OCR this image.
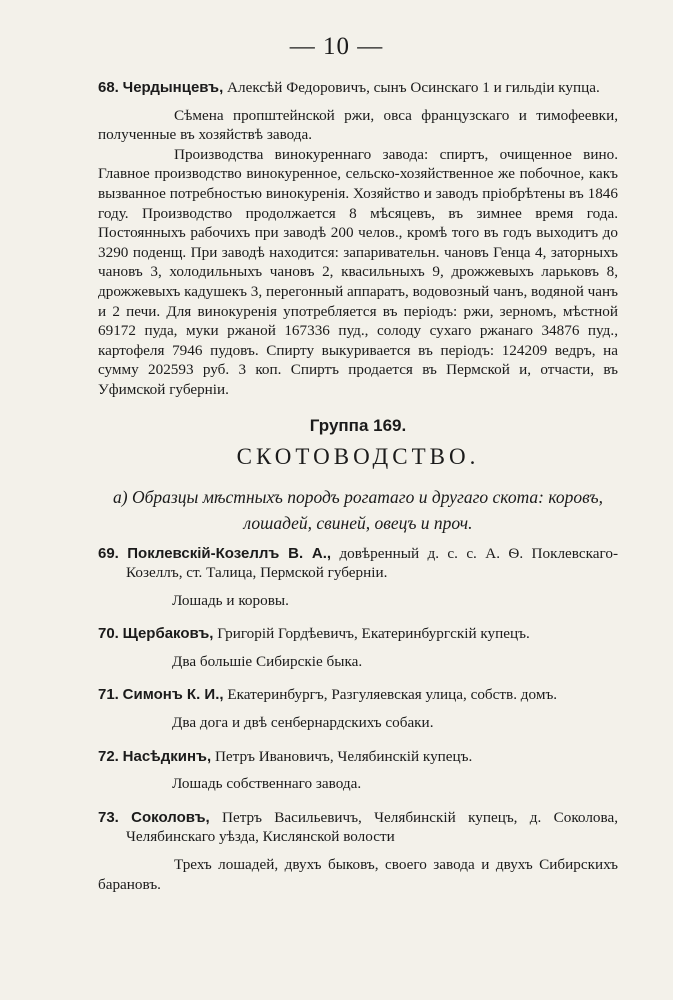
— 10 —
68. Чердынцевъ, Алексѣй Федоровичъ, сынъ Осинскаго 1 и гильдіи купца.

Сѣмена пропштейнской ржи, овса французскаго и тимофеевки, полученные въ хозяйствѣ завода.

Производства винокуреннаго завода: спиртъ, очищенное вино. Главное производство винокуренное, сельско-хозяйственное же побочное, какъ вызванное потребностью винокуренія. Хозяйство и заводъ пріобрѣтены въ 1846 году. Производство продолжается 8 мѣсяцевъ, въ зимнее время года. Постоянныхъ рабочихъ при заводѣ 200 челов., кромѣ того въ годъ выходитъ до 3290 поденщ. При заводѣ находится: запаривательн. чановъ Генца 4, заторныхъ чановъ 3, холодильныхъ чановъ 2, квасильныхъ 9, дрожжевыхъ ларьковъ 8, дрожжевыхъ кадушекъ 3, перегонный аппаратъ, водовозный чанъ, водяной чанъ и 2 печи. Для винокуренія употребляется въ періодъ: ржи, зерномъ, мѣстной 69172 пуда, муки ржаной 167336 пуд., солоду сухаго ржанаго 34876 пуд., картофеля 7946 пудовъ. Спирту выкуривается въ періодъ: 124209 ведръ, на сумму 202593 руб. 3 коп. Спиртъ продается въ Пермской и, отчасти, въ Уфимской губерніи.

Группа 169.
СКОТОВОДСТВО.
а) Образцы мѣстныхъ породъ рогатаго и другаго скота: коровъ, лошадей, свиней, овецъ и проч.
69. Поклевскій-Козеллъ В. А., довѣренный д. с. с. А. Ѳ. Поклевскаго-Козеллъ, ст. Талица, Пермской губерніи.

Лошадь и коровы.

70. Щербаковъ, Григорій Гордѣевичъ, Екатеринбургскій купецъ.

Два большіе Сибирскіе быка.

71. Симонъ К. И., Екатеринбургъ, Разгуляевская улица, собств. домъ.

Два дога и двѣ сенбернардскихъ собаки.

72. Насѣдкинъ, Петръ Ивановичъ, Челябинскій купецъ.

Лошадь собственнаго завода.

73. Соколовъ, Петръ Васильевичъ, Челябинскій купецъ, д. Соколова, Челябинскаго уѣзда, Кислянской волости

Трехъ лошадей, двухъ быковъ, своего завода и двухъ Сибирскихъ барановъ.
